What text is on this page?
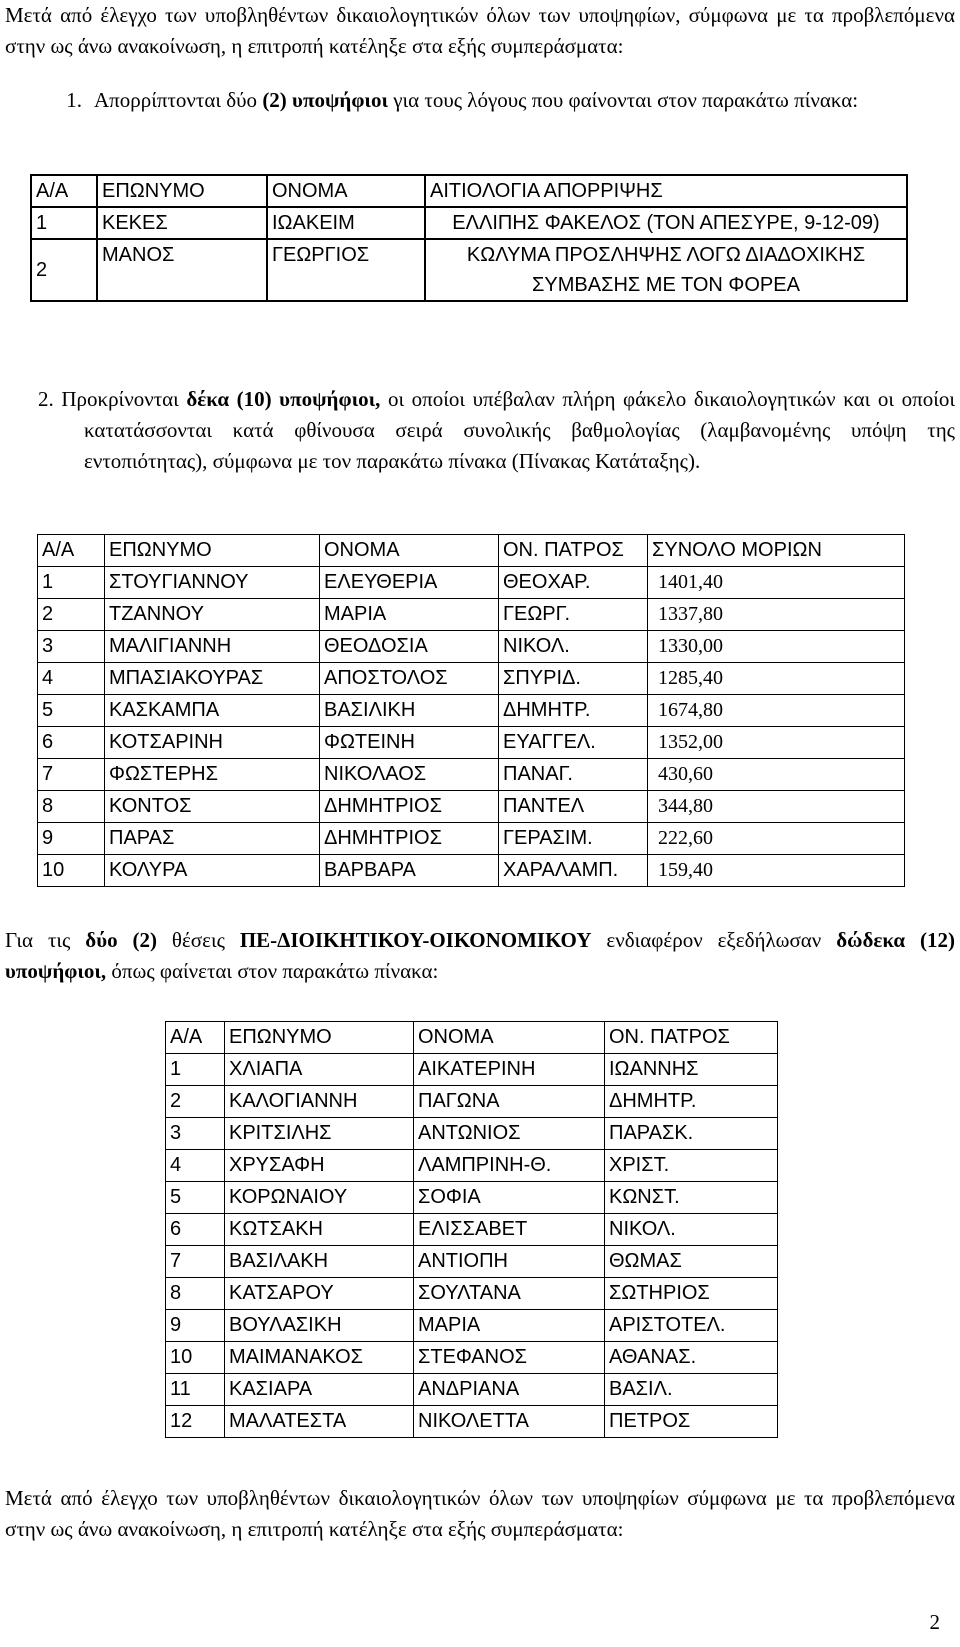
Μετά από έλεγχο των υποβληθέντων δικαιολογητικών όλων των υποψηφίων, σύμφωνα με τα προβλεπόμενα στην ως άνω ανακοίνωση, η επιτροπή κατέληξε στα εξής συμπεράσματα:

1. Απορρίπτονται δύο (2) υποψήφιοι για τους λόγους που φαίνονται στον παρακάτω πίνακα:

Α/Α	ΕΠΩΝΥΜΟ	ΟΝΟΜΑ	ΑΙΤΙΟΛΟΓΙΑ ΑΠΟΡΡΙΨΗΣ
1	ΚΕΚΕΣ	ΙΩΑΚΕΙΜ	ΕΛΛΙΠΗΣ ΦΑΚΕΛΟΣ (ΤΟΝ ΑΠΕΣΥΡΕ, 9-12-09)
2	ΜΑΝΟΣ	ΓΕΩΡΓΙΟΣ	ΚΩΛΥΜΑ ΠΡΟΣΛΗΨΗΣ ΛΟΓΩ ΔΙΑΔΟΧΙΚΗΣ ΣΥΜΒΑΣΗΣ ΜΕ ΤΟΝ ΦΟΡΕΑ

2. Προκρίνονται δέκα (10) υποψήφιοι, οι οποίοι υπέβαλαν πλήρη φάκελο δικαιολογητικών και οι οποίοι κατατάσσονται κατά φθίνουσα σειρά συνολικής βαθμολογίας (λαμβανομένης υπόψη της εντοπιότητας), σύμφωνα με τον παρακάτω πίνακα (Πίνακας Κατάταξης).

Α/Α	ΕΠΩΝΥΜΟ	ΟΝΟΜΑ	ΟΝ. ΠΑΤΡΟΣ	ΣΥΝΟΛΟ ΜΟΡΙΩΝ
1	ΣΤΟΥΓΙΑΝΝΟΥ	ΕΛΕΥΘΕΡΙΑ	ΘΕΟΧΑΡ.	1401,40
2	ΤΖΑΝΝΟΥ	ΜΑΡΙΑ	ΓΕΩΡΓ.	1337,80
3	ΜΑΛΙΓΙΑΝΝΗ	ΘΕΟΔΟΣΙΑ	ΝΙΚΟΛ.	1330,00
4	ΜΠΑΣΙΑΚΟΥΡΑΣ	ΑΠΟΣΤΟΛΟΣ	ΣΠΥΡΙΔ.	1285,40
5	ΚΑΣΚΑΜΠΑ	ΒΑΣΙΛΙΚΗ	ΔΗΜΗΤΡ.	1674,80
6	ΚΟΤΣΑΡΙΝΗ	ΦΩΤΕΙΝΗ	ΕΥΑΓΓΕΛ.	1352,00
7	ΦΩΣΤΕΡΗΣ	ΝΙΚΟΛΑΟΣ	ΠΑΝΑΓ.	430,60
8	ΚΟΝΤΟΣ	ΔΗΜΗΤΡΙΟΣ	ΠΑΝΤΕΛ	344,80
9	ΠΑΡΑΣ	ΔΗΜΗΤΡΙΟΣ	ΓΕΡΑΣΙΜ.	222,60
10	ΚΟΛΥΡΑ	ΒΑΡΒΑΡΑ	ΧΑΡΑΛΑΜΠ.	159,40

Για τις δύο (2) θέσεις ΠΕ-ΔΙΟΙΚΗΤΙΚΟΥ-ΟΙΚΟΝΟΜΙΚΟΥ ενδιαφέρον εξεδήλωσαν δώδεκα (12) υποψήφιοι, όπως φαίνεται στον παρακάτω πίνακα:

Α/Α	ΕΠΩΝΥΜΟ	ΟΝΟΜΑ	ΟΝ. ΠΑΤΡΟΣ
1	ΧΛΙΑΠΑ	ΑΙΚΑΤΕΡΙΝΗ	ΙΩΑΝΝΗΣ
2	ΚΑΛΟΓΙΑΝΝΗ	ΠΑΓΩΝΑ	ΔΗΜΗΤΡ.
3	ΚΡΙΤΣΙΛΗΣ	ΑΝΤΩΝΙΟΣ	ΠΑΡΑΣΚ.
4	ΧΡΥΣΑΦΗ	ΛΑΜΠΡΙΝΗ-Θ.	ΧΡΙΣΤ.
5	ΚΟΡΩΝΑΙΟΥ	ΣΟΦΙΑ	ΚΩΝΣΤ.
6	ΚΩΤΣΑΚΗ	ΕΛΙΣΣΑΒΕΤ	ΝΙΚΟΛ.
7	ΒΑΣΙΛΑΚΗ	ΑΝΤΙΟΠΗ	ΘΩΜΑΣ
8	ΚΑΤΣΑΡΟΥ	ΣΟΥΛΤΑΝΑ	ΣΩΤΗΡΙΟΣ
9	ΒΟΥΛΑΣΙΚΗ	ΜΑΡΙΑ	ΑΡΙΣΤΟΤΕΛ.
10	ΜΑΙΜΑΝΑΚΟΣ	ΣΤΕΦΑΝΟΣ	ΑΘΑΝΑΣ.
11	ΚΑΣΙΑΡΑ	ΑΝΔΡΙΑΝΑ	ΒΑΣΙΛ.
12	ΜΑΛΑΤΕΣΤΑ	ΝΙΚΟΛΕΤΤΑ	ΠΕΤΡΟΣ

Μετά από έλεγχο των υποβληθέντων δικαιολογητικών όλων των υποψηφίων σύμφωνα με τα προβλεπόμενα στην ως άνω ανακοίνωση, η επιτροπή κατέληξε στα εξής συμπεράσματα:

2
